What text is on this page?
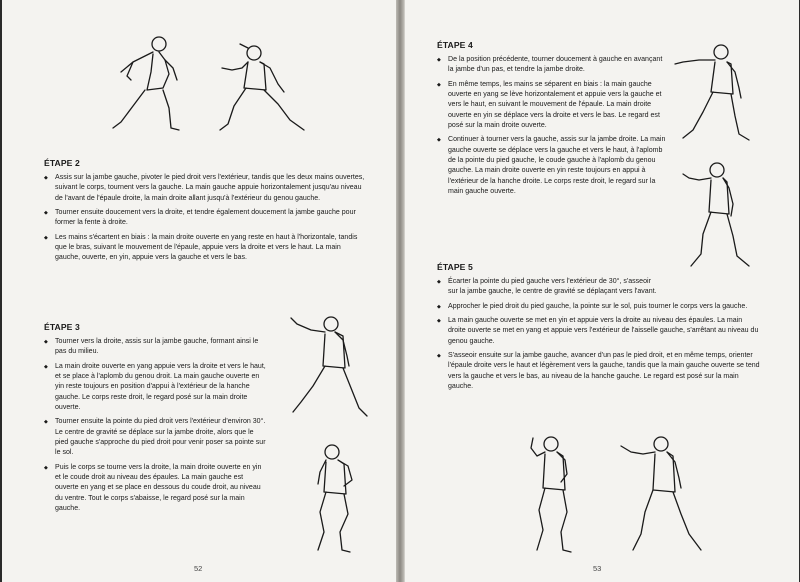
ÉTAPE 2
◆ Assis sur la jambe gauche, pivoter le pied droit vers l'extérieur, tandis que les deux mains ouvertes, suivant le corps, tournent vers la gauche. La main gauche appuie horizontalement jusqu'au niveau de l'avant de l'épaule droite, la main droite allant jusqu'à l'extérieur du genou gauche.
◆ Tourner ensuite doucement vers la droite, et tendre également doucement la jambe gauche pour former la fente à droite.
◆ Les mains s'écartent en biais : la main droite ouverte en yang reste en haut à l'horizontale, tandis que le bras, suivant le mouvement de l'épaule, appuie vers la droite et vers le haut. La main gauche, ouverte, en yin, appuie vers la gauche et vers le bas.
ÉTAPE 3
◆ Tourner vers la droite, assis sur la jambe gauche, formant ainsi le pas du milieu.
◆ La main droite ouverte en yang appuie vers la droite et vers le haut, et se place à l'aplomb du genou droit. La main gauche ouverte en yin reste toujours en position d'appui à l'extérieur de la hanche gauche. Le corps reste droit, le regard posé sur la main droite ouverte.
◆ Tourner ensuite la pointe du pied droit vers l'extérieur d'environ 30°. Le centre de gravité se déplace sur la jambe droite, alors que le pied gauche s'approche du pied droit pour venir poser sa pointe sur le sol.
◆ Puis le corps se tourne vers la droite, la main droite ouverte en yin et le coude droit au niveau des épaules. La main gauche est ouverte en yang et se place en dessous du coude droit, au niveau du ventre. Tout le corps s'abaisse, le regard posé sur la main gauche.
52
ÉTAPE 4
◆ De la position précédente, tourner doucement à gauche en avançant la jambe d'un pas, et tendre la jambe droite.
◆ En même temps, les mains se séparent en biais : la main gauche ouverte en yang se lève horizontalement et appuie vers la gauche et vers le haut, en suivant le mouvement de l'épaule. La main droite ouverte en yin se déplace vers la droite et vers le bas. Le regard est posé sur la main droite ouverte.
◆ Continuer à tourner vers la gauche, assis sur la jambe droite. La main gauche ouverte se déplace vers la gauche et vers le haut, à l'aplomb de la pointe du pied gauche, le coude gauche à l'aplomb du genou gauche. La main droite ouverte en yin reste toujours en appui à l'extérieur de la hanche droite. Le corps reste droit, le regard sur la main gauche ouverte.
ÉTAPE 5
◆ Écarter la pointe du pied gauche vers l'extérieur de 30°, s'asseoir sur la jambe gauche, le centre de gravité se déplaçant vers l'avant.
◆ Approcher le pied droit du pied gauche, la pointe sur le sol, puis tourner le corps vers la gauche.
◆ La main gauche ouverte se met en yin et appuie vers la droite au niveau des épaules. La main droite ouverte se met en yang et appuie vers l'extérieur de l'aisselle gauche, s'arrêtant au niveau du genou gauche.
◆ S'asseoir ensuite sur la jambe gauche, avancer d'un pas le pied droit, et en même temps, orienter l'épaule droite vers le haut et légèrement vers la gauche, tandis que la main gauche ouverte se tend vers la gauche et vers le bas, au niveau de la hanche gauche. Le regard est posé sur la main gauche.
53
